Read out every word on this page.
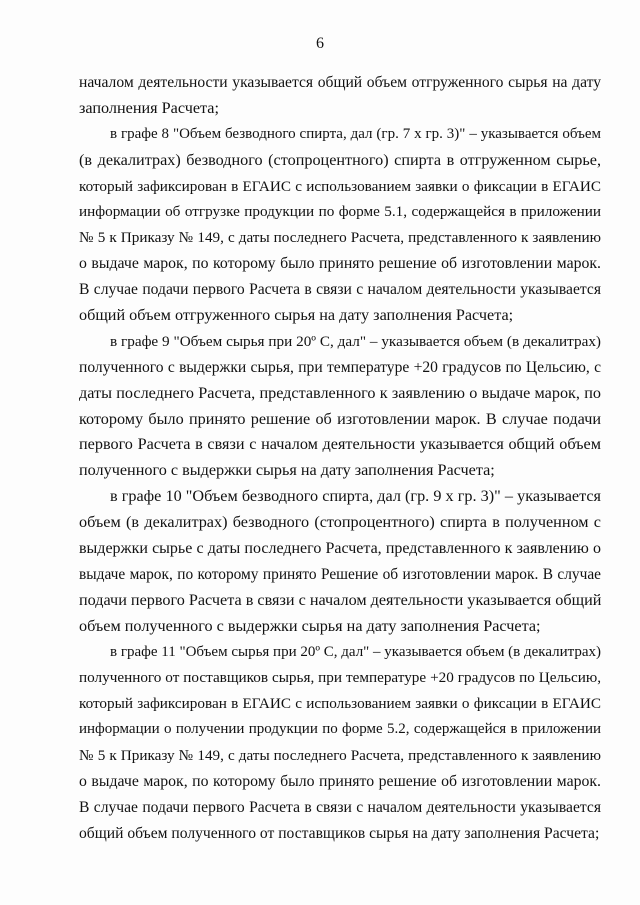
6
началом деятельности указывается общий объем отгруженного сырья на дату
заполнения Расчета;
в графе 8 "Объем безводного спирта, дал (гр. 7 х гр. 3)" – указывается объем
(в декалитрах) безводного (стопроцентного) спирта в отгруженном сырье,
который зафиксирован в ЕГАИС с использованием заявки о фиксации в ЕГАИС
информации об отгрузке продукции по форме 5.1, содержащейся в приложении
№ 5 к Приказу № 149, с даты последнего Расчета, представленного к заявлению
о выдаче марок, по которому было принято решение об изготовлении марок.
В случае подачи первого Расчета в связи с началом деятельности указывается
общий объем отгруженного сырья на дату заполнения Расчета;
в графе 9 "Объем сырья при 20º С, дал" – указывается объем (в декалитрах)
полученного с выдержки сырья, при температуре +20 градусов по Цельсию, с
даты последнего Расчета, представленного к заявлению о выдаче марок, по
которому было принято решение об изготовлении марок. В случае подачи
первого Расчета в связи с началом деятельности указывается общий объем
полученного с выдержки сырья на дату заполнения Расчета;
в графе 10 "Объем безводного спирта, дал (гр. 9 х гр. 3)" – указывается
объем (в декалитрах) безводного (стопроцентного) спирта в полученном с
выдержки сырье с даты последнего Расчета, представленного к заявлению о
выдаче марок, по которому принято Решение об изготовлении марок. В случае
подачи первого Расчета в связи с началом деятельности указывается общий
объем полученного с выдержки сырья на дату заполнения Расчета;
в графе 11 "Объем сырья при 20º С, дал" – указывается объем (в декалитрах)
полученного от поставщиков сырья, при температуре +20 градусов по Цельсию,
который зафиксирован в ЕГАИС с использованием заявки о фиксации в ЕГАИС
информации о получении продукции по форме 5.2, содержащейся в приложении
№ 5 к Приказу № 149, с даты последнего Расчета, представленного к заявлению
о выдаче марок, по которому было принято решение об изготовлении марок.
В случае подачи первого Расчета в связи с началом деятельности указывается
общий объем полученного от поставщиков сырья на дату заполнения Расчета;
